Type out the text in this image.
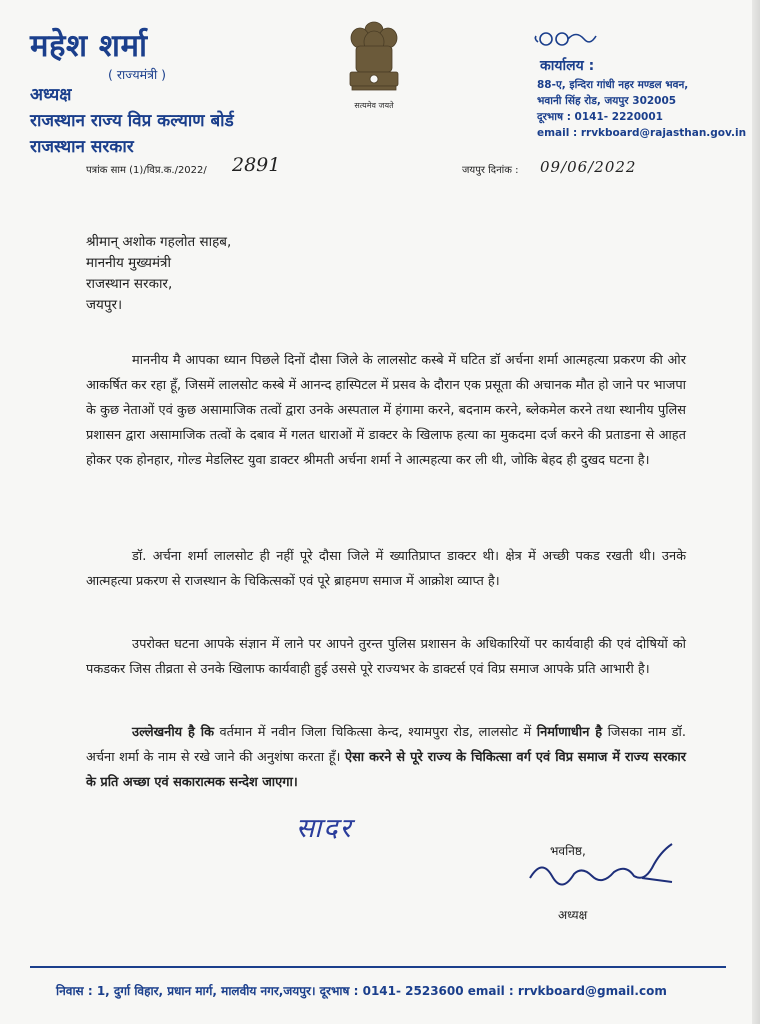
महेश शर्मा
( राज्यमंत्री )
अध्यक्ष
राजस्थान राज्य विप्र कल्याण बोर्ड
राजस्थान सरकार
सत्यमेव जयते
कार्यालय :
88-ए, इन्दिरा गांधी नहर मण्डल भवन,
भवानी सिंह रोड, जयपुर 302005
दूरभाष : 0141- 2220001
email : rrvkboard@rajasthan.gov.in
पत्रांक साम (1)/विप्र.क./2022/ 2891	जयपुर दिनांक : 09/06/2022
श्रीमान् अशोक गहलोत साहब,
माननीय मुख्यमंत्री
राजस्थान सरकार,
जयपुर।
माननीय मै आपका ध्यान पिछले दिनों दौसा जिले के लालसोट कस्बे में घटित डॉ अर्चना शर्मा आत्महत्या प्रकरण की ओर आकर्षित कर रहा हूँ, जिसमें लालसोट कस्बे में आनन्द हास्पिटल में प्रसव के दौरान एक प्रसूता की अचानक मौत हो जाने पर भाजपा के कुछ नेताओं एवं कुछ असामाजिक तत्वों द्वारा उनके अस्पताल में हंगामा करने, बदनाम करने, ब्लेकमेल करने तथा स्थानीय पुलिस प्रशासन द्वारा असामाजिक तत्वों के दबाव में गलत धाराओं में डाक्टर के खिलाफ हत्या का मुकदमा दर्ज करने की प्रताडना से आहत होकर एक होनहार, गोल्ड मेडलिस्ट युवा डाक्टर श्रीमती अर्चना शर्मा ने आत्महत्या कर ली थी, जोकि बेहद ही दुखद घटना है।
डॉ. अर्चना शर्मा लालसोट ही नहीं पूरे दौसा जिले में ख्यातिप्राप्त डाक्टर थी। क्षेत्र में अच्छी पकड रखती थी। उनके आत्महत्या प्रकरण से राजस्थान के चिकित्सकों एवं पूरे ब्राहमण समाज में आक्रोश व्याप्त है।
उपरोक्त घटना आपके संज्ञान में लाने पर आपने तुरन्त पुलिस प्रशासन के अधिकारियों पर कार्यवाही की एवं दोषियों को पकडकर जिस तीव्रता से उनके खिलाफ कार्यवाही हुई उससे पूरे राज्यभर के डाक्टर्स एवं विप्र समाज आपके प्रति आभारी है।
उल्लेखनीय है कि वर्तमान में नवीन जिला चिकित्सा केन्द, श्यामपुरा रोड, लालसोट में निर्माणाधीन है जिसका नाम डॉ. अर्चना शर्मा के नाम से रखे जाने की अनुशंषा करता हूँ। ऐसा करने से पूरे राज्य के चिकित्सा वर्ग एवं विप्र समाज में राज्य सरकार के प्रति अच्छा एवं सकारात्मक सन्देश जाएगा।
सादर
भवनिष्ठ,
अध्यक्ष
निवास : 1, दुर्गा विहार, प्रधान मार्ग, मालवीय नगर,जयपुर। दूरभाष : 0141- 2523600 email : rrvkboard@gmail.com
